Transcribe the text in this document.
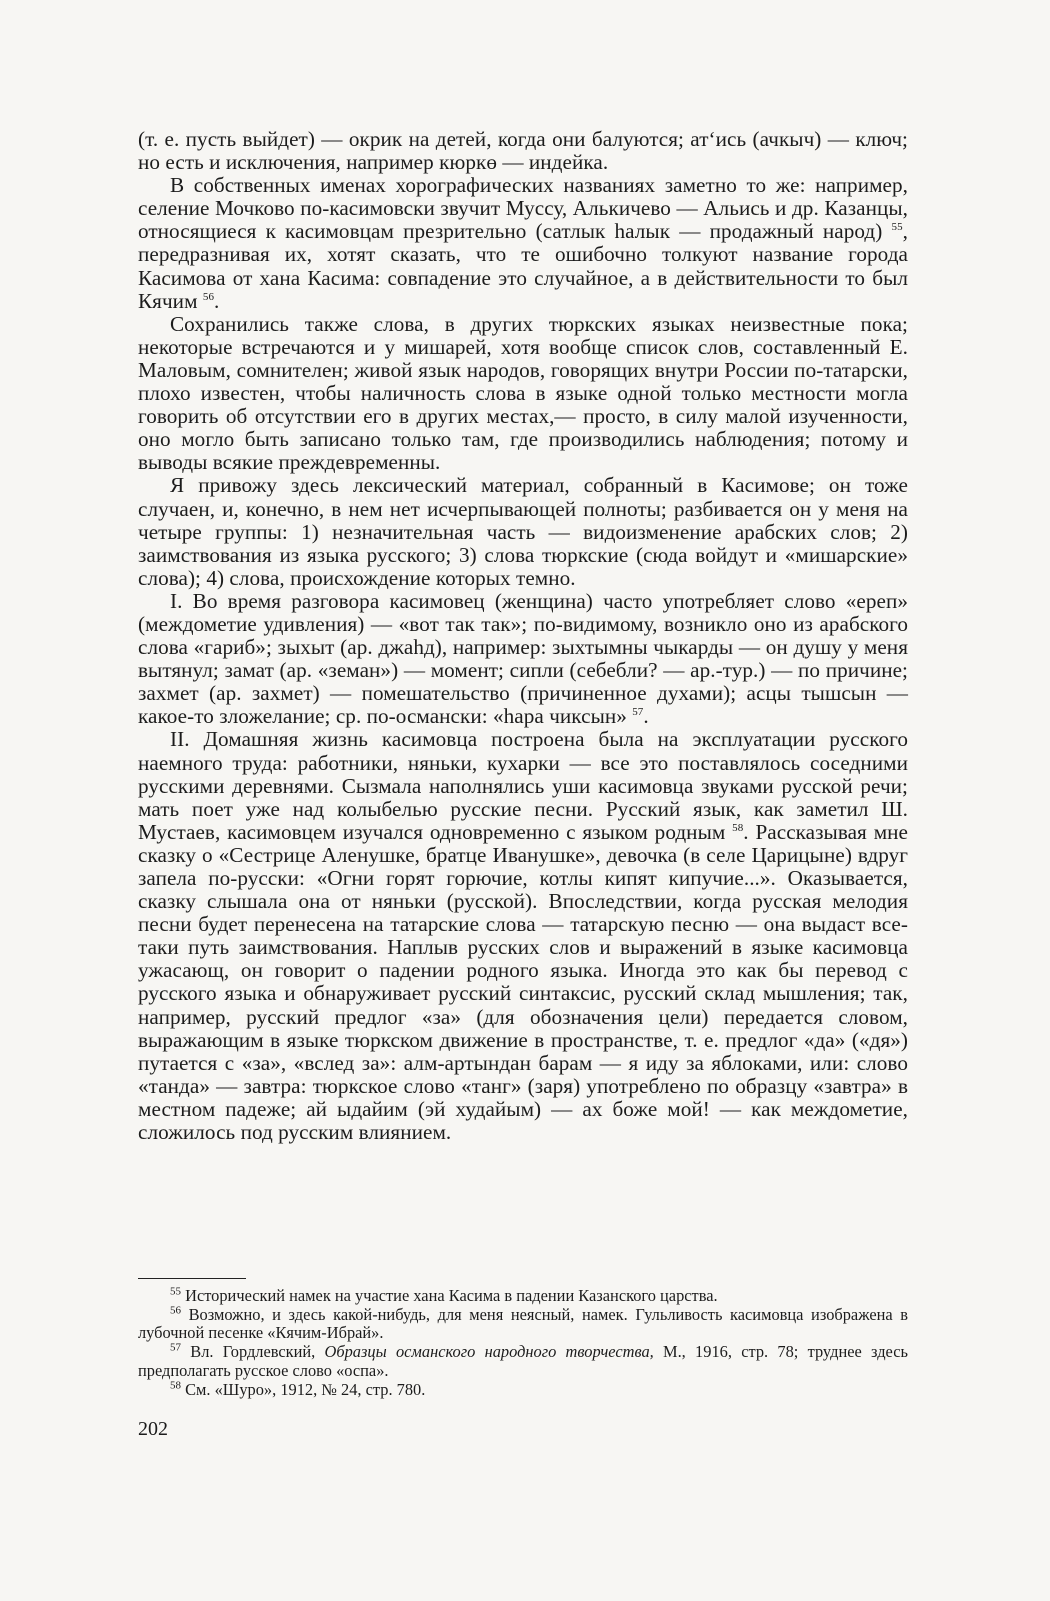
(т. е. пусть выйдет) — окрик на детей, когда они балуются; ат‘ись (ачкыч) — ключ; но есть и исключения, например кюркө — индейка.

В собственных именах хорографических названиях заметно то же: например, селение Мочково по-касимовски звучит Муссу, Алькичево — Альись и др. Казанцы, относящиеся к касимовцам презрительно (сатлык һалык — продажный народ) $^{55}$, передразнивая их, хотят сказать, что те ошибочно толкуют название города Касимова от хана Касима: совпадение это случайное, а в действительности то был Кячим $^{56}$.

Сохранились также слова, в других тюркских языках неизвестные пока; некоторые встречаются и у мишарей, хотя вообще список слов, составленный Е. Маловым, сомнителен; живой язык народов, говорящих внутри России по-татарски, плохо известен, чтобы наличность слова в языке одной только местности могла говорить об отсутствии его в других местах,— просто, в силу малой изученности, оно могло быть записано только там, где производились наблюдения; потому и выводы всякие преждевременны.

Я привожу здесь лексический материал, собранный в Касимове; он тоже случаен, и, конечно, в нем нет исчерпывающей полноты; разбивается он у меня на четыре группы: 1) незначительная часть — видоизменение арабских слов; 2) заимствования из языка русского; 3) слова тюркские (сюда войдут и «мишарские» слова); 4) слова, происхождение которых темно.

I. Во время разговора касимовец (женщина) часто употребляет слово «ереп» (междометие удивления) — «вот так так»; по-видимому, возникло оно из арабского слова «гариб»; зыхыт (ар. джаһд), например: зыхтымны чыкарды — он душу у меня вытянул; замат (ар. «земан») — момент; сипли (себебли? — ар.-тур.) — по причине; захмет (ар. захмет) — помешательство (причиненное духами); асцы тышсын — какое-то зложелание; ср. по-османски: «һара чиксын» $^{57}$.

II. Домашняя жизнь касимовца построена была на эксплуатации русского наемного труда: работники, няньки, кухарки — все это поставлялось соседними русскими деревнями. Сызмала наполнялись уши касимовца звуками русской речи; мать поет уже над колыбелью русские песни. Русский язык, как заметил Ш. Мустаев, касимовцем изучался одновременно с языком родным $^{58}$. Рассказывая мне сказку о «Сестрице Аленушке, братце Иванушке», девочка (в селе Царицыне) вдруг запела по-русски: «Огни горят горючие, котлы кипят кипучие...». Оказывается, сказку слышала она от няньки (русской). Впоследствии, когда русская мелодия песни будет перенесена на татарские слова — татарскую песню — она выдаст все-таки путь заимствования. Наплыв русских слов и выражений в языке касимовца ужасающ, он говорит о падении родного языка. Иногда это как бы перевод с русского языка и обнаруживает русский синтаксис, русский склад мышления; так, например, русский предлог «за» (для обозначения цели) передается словом, выражающим в языке тюркском движение в пространстве, т. е. предлог «да» («дя») путается с «за», «вслед за»: алм-артындан барам — я иду за яблоками, или: слово «танда» — завтра: тюркское слово «танг» (заря) употреблено по образцу «завтра» в местном падеже; ай ыдайим (эй худайым) — ах боже мой! — как междометие, сложилось под русским влиянием.

$^{55}$ Исторический намек на участие хана Касима в падении Казанского царства.

$^{56}$ Возможно, и здесь какой-нибудь, для меня неясный, намек. Гульливость касимовца изображена в лубочной песенке «Кячим-Ибрай».

$^{57}$ Вл. Гордлевский, Образцы османского народного творчества, М., 1916, стр. 78; труднее здесь предполагать русское слово «оспа».

$^{58}$ См. «Шуро», 1912, № 24, стр. 780.

202
